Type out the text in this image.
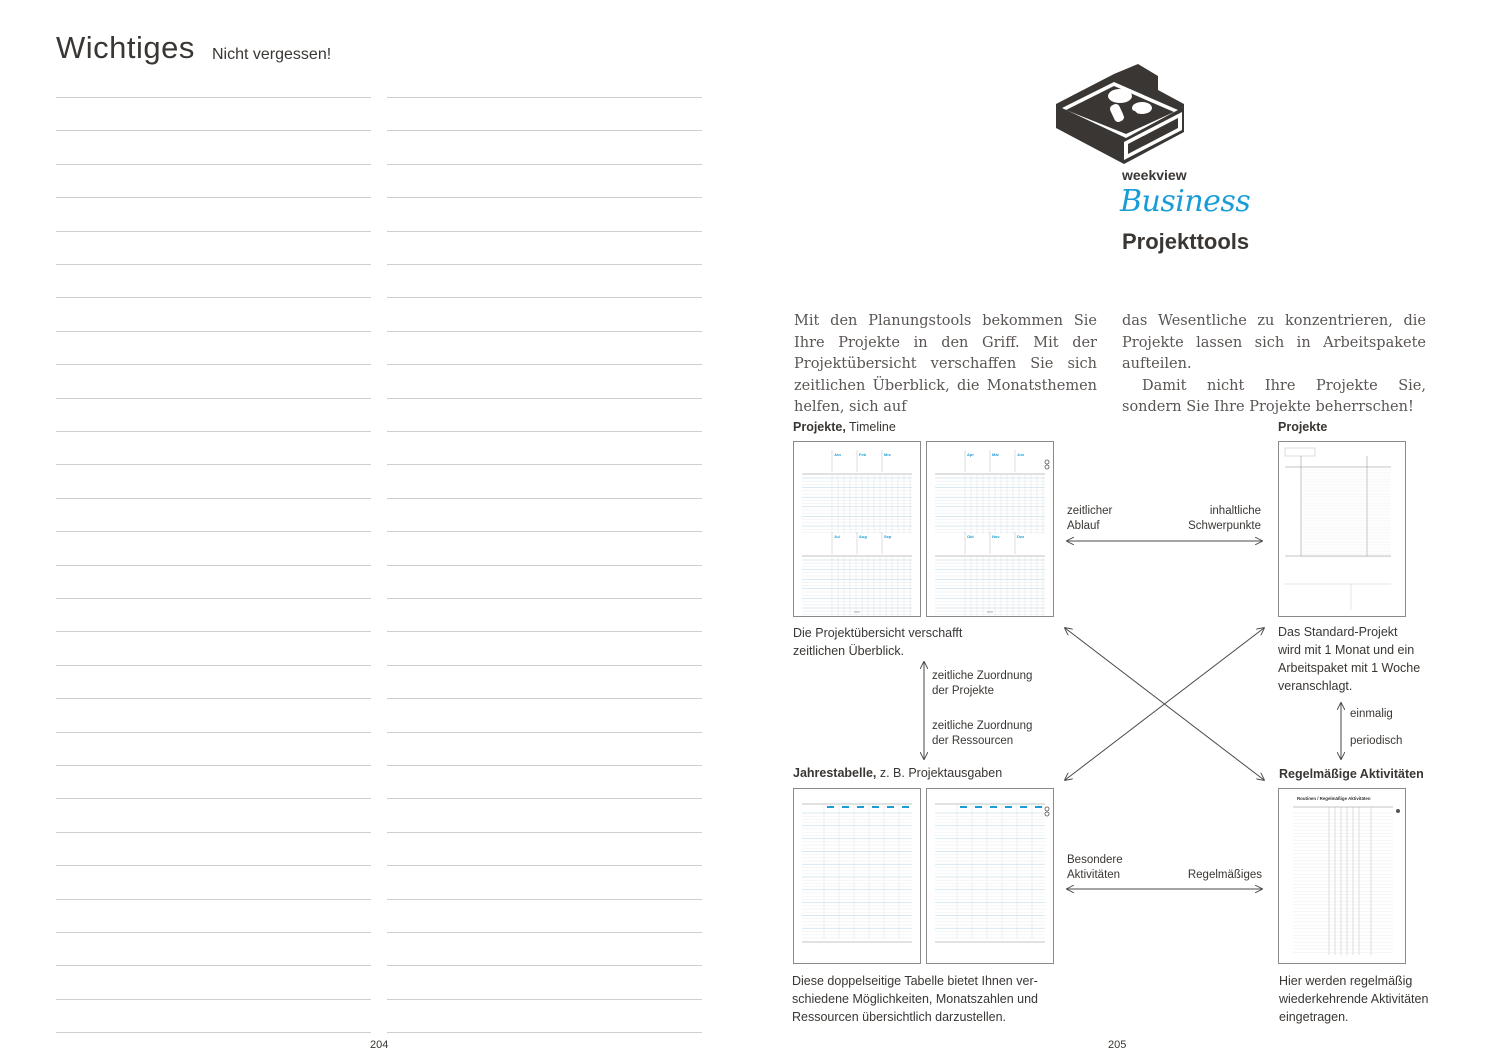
Wichtiges Nicht vergessen!
204
weekview
Business
Projekttools

Mit den Planungstools bekommen Sie Ihre Projekte in den Griff. Mit der Projektübersicht verschaffen Sie sich zeitlichen Überblick, die Monatsthemen helfen, sich auf

das Wesentliche zu konzentrieren, die Projekte lassen sich in Arbeitspakete aufteilen.

Damit nicht Ihre Projekte Sie, sondern Sie Ihre Projekte beherrschen!

Projekte, Timeline	Projekte
Jahrestabelle, z. B. Projektausgaben	Regelmäßige Aktivitäten
Jan	Feb	Mrz
Jul	Aug	Sep
Apr	Mai	Jun
Okt	Nov	Dez
Routinen / Regelmäßige Aktivitäten
Die Projektübersicht verschafft
zeitlichen Überblick.
Das Standard-Projekt
wird mit 1 Monat und ein
Arbeitspaket mit 1 Woche
veranschlagt.
Diese doppelseitige Tabelle bietet Ihnen ver-
schiedene Möglichkeiten, Monatszahlen und
Ressourcen übersichtlich darzustellen.
Hier werden regelmäßig
wiederkehrende Aktivitäten
eingetragen.
zeitlicher
Ablauf
inhaltliche
Schwerpunkte
zeitliche Zuordnung
der Projekte
zeitliche Zuordnung
der Ressourcen
einmalig
periodisch
Besondere
Aktivitäten	Regelmäßiges
205
